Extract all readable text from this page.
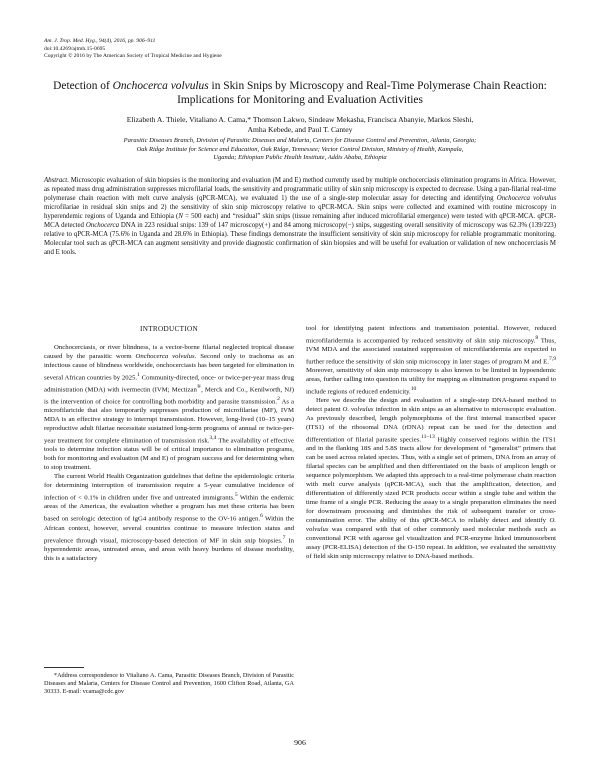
Am. J. Trop. Med. Hyg., 94(4), 2016, pp. 906–911
doi:10.4269/ajtmh.15-0695
Copyright © 2016 by The American Society of Tropical Medicine and Hygiene
Detection of Onchocerca volvulus in Skin Snips by Microscopy and Real-Time Polymerase Chain Reaction: Implications for Monitoring and Evaluation Activities
Elizabeth A. Thiele, Vitaliano A. Cama,* Thomson Lakwo, Sindeaw Mekasha, Francisca Abanyie, Markos Sleshi,
Amha Kebede, and Paul T. Cantey
Parasitic Diseases Branch, Division of Parasitic Diseases and Malaria, Centers for Disease Control and Prevention, Atlanta, Georgia;
Oak Ridge Institute for Science and Education, Oak Ridge, Tennessee; Vector Control Division, Ministry of Health, Kampala,
Uganda; Ethiopian Public Health Institute, Addis Ababa, Ethiopia
Abstract. Microscopic evaluation of skin biopsies is the monitoring and evaluation (M and E) method currently used by multiple onchocerciasis elimination programs in Africa. However, as repeated mass drug administration suppresses microfilarial loads, the sensitivity and programmatic utility of skin snip microscopy is expected to decrease. Using a pan-filarial real-time polymerase chain reaction with melt curve analysis (qPCR-MCA), we evaluated 1) the use of a single-step molecular assay for detecting and identifying Onchocerca volvulus microfilariae in residual skin snips and 2) the sensitivity of skin snip microscopy relative to qPCR-MCA. Skin snips were collected and examined with routine microscopy in hyperendemic regions of Uganda and Ethiopia (N = 500 each) and “residual” skin snips (tissue remaining after induced microfilarial emergence) were tested with qPCR-MCA. qPCR-MCA detected Onchocerca DNA in 223 residual snips: 139 of 147 microscopy(+) and 84 among microscopy(−) snips, suggesting overall sensitivity of microscopy was 62.3% (139/223) relative to qPCR-MCA (75.6% in Uganda and 28.6% in Ethiopia). These findings demonstrate the insufficient sensitivity of skin snip microscopy for reliable programmatic monitoring. Molecular tool such as qPCR-MCA can augment sensitivity and provide diagnostic confirmation of skin biopsies and will be useful for evaluation or validation of new onchocerciasis M and E tools.
INTRODUCTION

Onchocerciasis, or river blindness, is a vector-borne filarial neglected tropical disease caused by the parasitic worm Onchocerca volvulus. Second only to trachoma as an infectious cause of blindness worldwide, onchocerciasis has been targeted for elimination in several African countries by 2025.$^1$ Community-directed, once- or twice-per-year mass drug administration (MDA) with ivermectin (IVM; Mectizan®, Merck and Co., Kenilworth, NJ) is the intervention of choice for controlling both morbidity and parasite transmission.$^2$ As a microfilaricide that also temporarily suppresses production of microfilariae (MF), IVM MDA is an effective strategy to interrupt transmission. However, long-lived (10–15 years) reproductive adult filariae necessitate sustained long-term programs of annual or twice-per-year treatment for complete elimination of transmission risk.$^{3,4}$ The availability of effective tools to determine infection status will be of critical importance to elimination programs, both for monitoring and evaluation (M and E) of program success and for determining when to stop treatment.

The current World Health Organization guidelines that define the epidemiologic criteria for determining interruption of transmission require a 5-year cumulative incidence of infection of < 0.1% in children under five and untreated immigrants.$^5$ Within the endemic areas of the Americas, the evaluation whether a program has met these criteria has been based on serologic detection of IgG4 antibody response to the OV-16 antigen.$^6$ Within the African context, however, several countries continue to measure infection status and prevalence through visual, microscopy-based detection of MF in skin snip biopsies.$^7$ In hyperendemic areas, untreated areas, and areas with heavy burdens of disease morbidity, this is a satisfactory

tool for identifying patent infections and transmission potential. However, reduced microfilaridermia is accompanied by reduced sensitivity of skin snip microscopy.$^8$ Thus, IVM MDA and the associated sustained suppression of microfilaridermia are expected to further reduce the sensitivity of skin snip microscopy in later stages of program M and E.$^{7,9}$ Moreover, sensitivity of skin snip microscopy is also known to be limited in hypoendemic areas, further calling into question its utility for mapping as elimination programs expand to include regions of reduced endemicity.$^{10}$

Here we describe the design and evaluation of a single-step DNA-based method to detect patent O. volvulus infection in skin snips as an alternative to microscopic evaluation. As previously described, length polymorphisms of the first internal transcribed spacer (ITS1) of the ribosomal DNA (rDNA) repeat can be used for the detection and differentiation of filarial parasite species.$^{11-13}$ Highly conserved regions within the ITS1 and in the flanking 18S and 5.8S tracts allow for development of “generalist” primers that can be used across related species. Thus, with a single set of primers, DNA from an array of filarial species can be amplified and then differentiated on the basis of amplicon length or sequence polymorphism. We adapted this approach to a real-time polymerase chain reaction with melt curve analysis (qPCR-MCA), such that the amplification, detection, and differentiation of differently sized PCR products occur within a single tube and within the time frame of a single PCR. Reducing the assay to a single preparation eliminates the need for downstream processing and diminishes the risk of subsequent transfer or cross-contamination error. The ability of this qPCR-MCA to reliably detect and identify O. volvulus was compared with that of other commonly used molecular methods such as conventional PCR with agarose gel visualization and PCR-enzyme linked immunosorbent assay (PCR-ELISA) detection of the O-150 repeat. In addition, we evaluated the sensitivity of field skin snip microscopy relative to DNA-based methods.

*Address correspondence to Vitaliano A. Cama, Parasitic Diseases Branch, Division of Parasitic Diseases and Malaria, Centers for Disease Control and Prevention, 1600 Clifton Road, Atlanta, GA 30333. E-mail: vcama@cdc.gov
906
